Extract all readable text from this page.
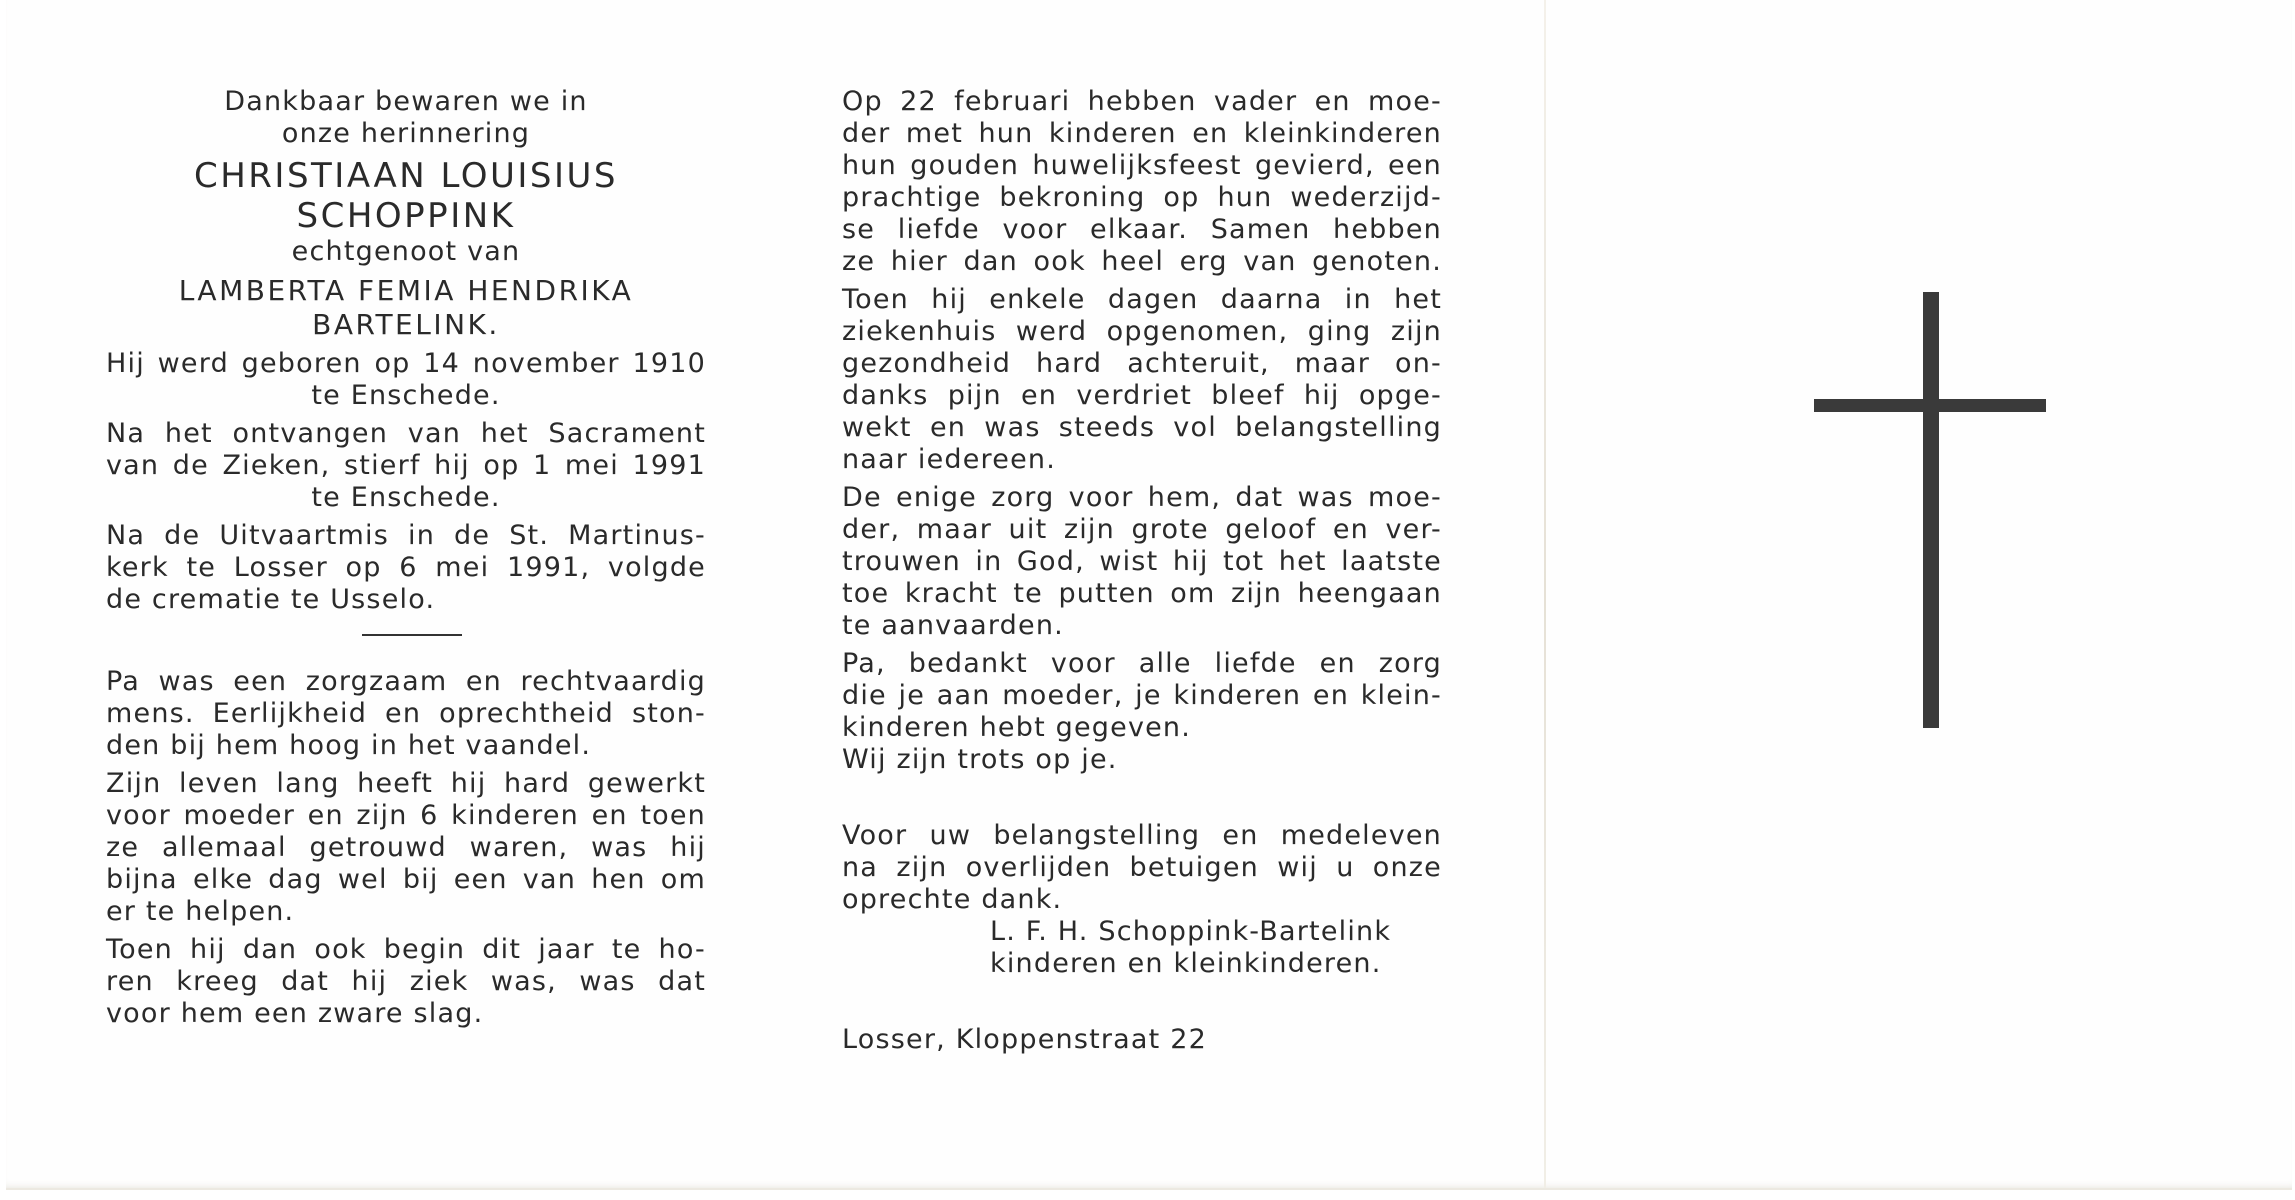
Dankbaar bewaren we in
onze herinnering
CHRISTIAAN LOUISIUS
SCHOPPINK
echtgenoot van
LAMBERTA FEMIA HENDRIKA
BARTELINK.
Hij werd geboren op 14 november 1910
te Enschede.
Na het ontvangen van het Sacrament
van de Zieken, stierf hij op 1 mei 1991
te Enschede.
Na de Uitvaartmis in de St. Martinus-
kerk te Losser op 6 mei 1991, volgde
de crematie te Usselo.
Pa was een zorgzaam en rechtvaardig
mens. Eerlijkheid en oprechtheid ston-
den bij hem hoog in het vaandel.
Zijn leven lang heeft hij hard gewerkt
voor moeder en zijn 6 kinderen en toen
ze allemaal getrouwd waren, was hij
bijna elke dag wel bij een van hen om
er te helpen.
Toen hij dan ook begin dit jaar te ho-
ren kreeg dat hij ziek was, was dat
voor hem een zware slag.
Op 22 februari hebben vader en moe-
der met hun kinderen en kleinkinderen
hun gouden huwelijksfeest gevierd, een
prachtige bekroning op hun wederzijd-
se liefde voor elkaar. Samen hebben
ze hier dan ook heel erg van genoten.
Toen hij enkele dagen daarna in het
ziekenhuis werd opgenomen, ging zijn
gezondheid hard achteruit, maar on-
danks pijn en verdriet bleef hij opge-
wekt en was steeds vol belangstelling
naar iedereen.
De enige zorg voor hem, dat was moe-
der, maar uit zijn grote geloof en ver-
trouwen in God, wist hij tot het laatste
toe kracht te putten om zijn heengaan
te aanvaarden.
Pa, bedankt voor alle liefde en zorg
die je aan moeder, je kinderen en klein-
kinderen hebt gegeven.
Wij zijn trots op je.
Voor uw belangstelling en medeleven
na zijn overlijden betuigen wij u onze
oprechte dank.
L. F. H. Schoppink-Bartelink
kinderen en kleinkinderen.
Losser, Kloppenstraat 22
